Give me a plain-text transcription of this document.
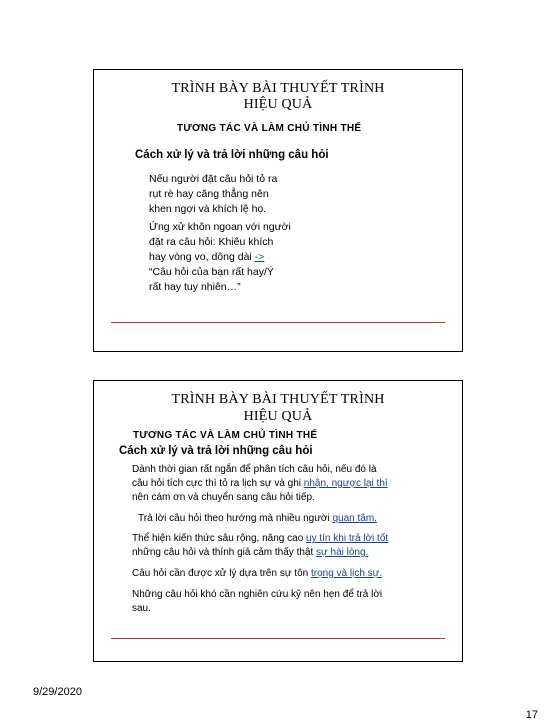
TRÌNH BÀY BÀI THUYẾT TRÌNH
HIỆU QUẢ
TƯƠNG TÁC VÀ LÀM CHỦ TÌNH THẾ
Cách xử lý và trả lời những câu hỏi
Nếu người đặt câu hỏi tỏ ra
rụt rè hay căng thẳng nên
khen ngợi và khích lệ họ.
Ứng xử khôn ngoan với người
đặt ra câu hỏi: Khiêu khích
hay vòng vo, dông dài ->
“Câu hỏi của bạn rất hay/Ý
rất hay tuy nhiên…”
TRÌNH BÀY BÀI THUYẾT TRÌNH
HIỆU QUẢ
TƯƠNG TÁC VÀ LÀM CHỦ TÌNH THẾ
Cách xử lý và trả lời những câu hỏi
Dành thời gian rất ngắn để phân tích câu hỏi, nếu đó là
câu hỏi tích cực thì tỏ ra lịch sự và ghi nhận, ngược lại thì
nên cám ơn và chuyển sang câu hỏi tiếp.
Trả lời câu hỏi theo hướng mà nhiều người quan tâm.
Thể hiện kiến thức sâu rộng, nâng cao uy tín khi trả lời tốt
những câu hỏi và thính giả cảm thấy thật sự hài lòng.
Câu hỏi cần được xử lý dựa trên sự tôn trọng và lịch sự.
Những câu hỏi khó cần nghiên cứu kỹ nên hẹn để trả lời
sau.
9/29/2020
17
